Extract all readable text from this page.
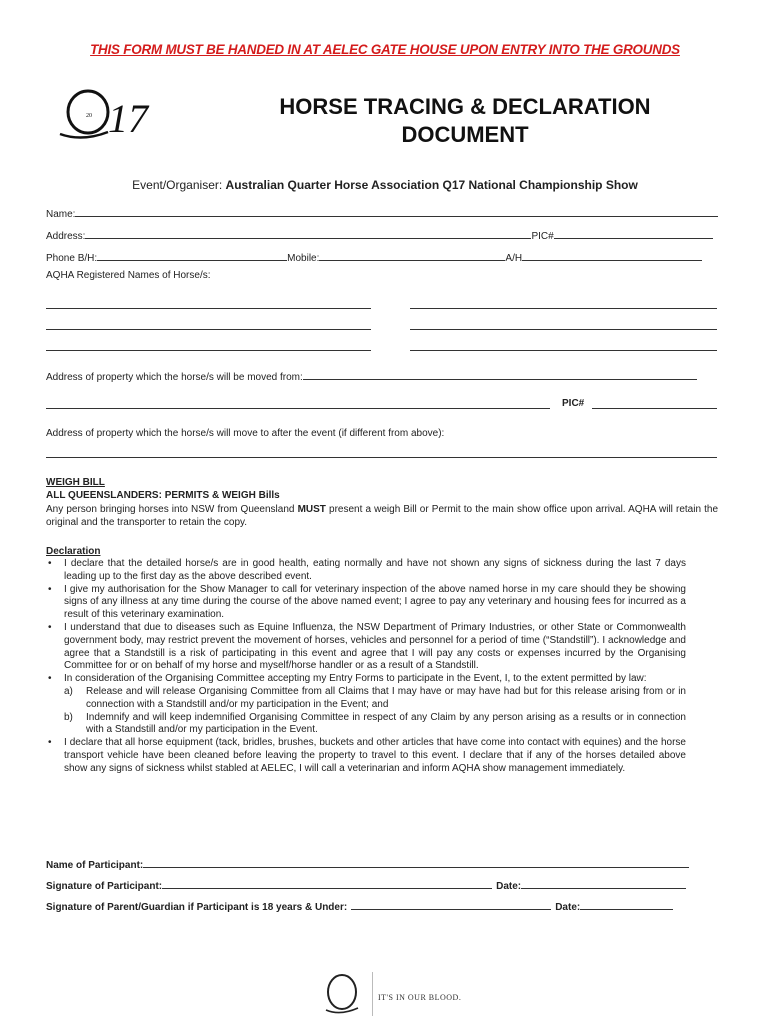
THIS FORM MUST BE HANDED IN AT AELEC GATE HOUSE UPON ENTRY INTO THE GROUNDS
20 17	HORSE TRACING & DECLARATION
DOCUMENT
Event/Organiser: Australian Quarter Horse Association Q17 National Championship Show
Name:
Address:	PIC#
Phone B/H:	Mobile:	A/H
AQHA Registered Names of Horse/s:
Address of property which the horse/s will be moved from:
PIC#
Address of property which the horse/s will move to after the event (if different from above):
WEIGH BILL
ALL QUEENSLANDERS: PERMITS & WEIGH Bills
Any person bringing horses into NSW from Queensland MUST present a weigh Bill or Permit to the main show office upon arrival. AQHA will retain the original and the transporter to retain the copy.
Declaration
• I declare that the detailed horse/s are in good health, eating normally and have not shown any signs of sickness during the last 7 days leading up to the first day as the above described event.
• I give my authorisation for the Show Manager to call for veterinary inspection of the above named horse in my care should they be showing signs of any illness at any time during the course of the above named event; I agree to pay any veterinary and housing fees for incurred as a result of this veterinary examination.
• I understand that due to diseases such as Equine Influenza, the NSW Department of Primary Industries, or other State or Commonwealth government body, may restrict prevent the movement of horses, vehicles and personnel for a period of time (“Standstill”). I acknowledge and agree that a Standstill is a risk of participating in this event and agree that I will pay any costs or expenses incurred by the Organising Committee for or on behalf of my horse and myself/horse handler or as a result of a Standstill.
• In consideration of the Organising Committee accepting my Entry Forms to participate in the Event, I, to the extent permitted by law:
a) Release and will release Organising Committee from all Claims that I may have or may have had but for this release arising from or in connection with a Standstill and/or my participation in the Event; and
b) Indemnify and will keep indemnified Organising Committee in respect of any Claim by any person arising as a results or in connection with a Standstill and/or my participation in the Event.
• I declare that all horse equipment (tack, bridles, brushes, buckets and other articles that have come into contact with equines) and the horse transport vehicle have been cleaned before leaving the property to travel to this event. I declare that if any of the horses detailed above show any signs of sickness whilst stabled at AELEC, I will call a veterinarian and inform AQHA show management immediately.
Name of Participant:
Signature of Participant:	Date:
Signature of Parent/Guardian if Participant is 18 years & Under:	Date:
IT'S IN OUR BLOOD.
